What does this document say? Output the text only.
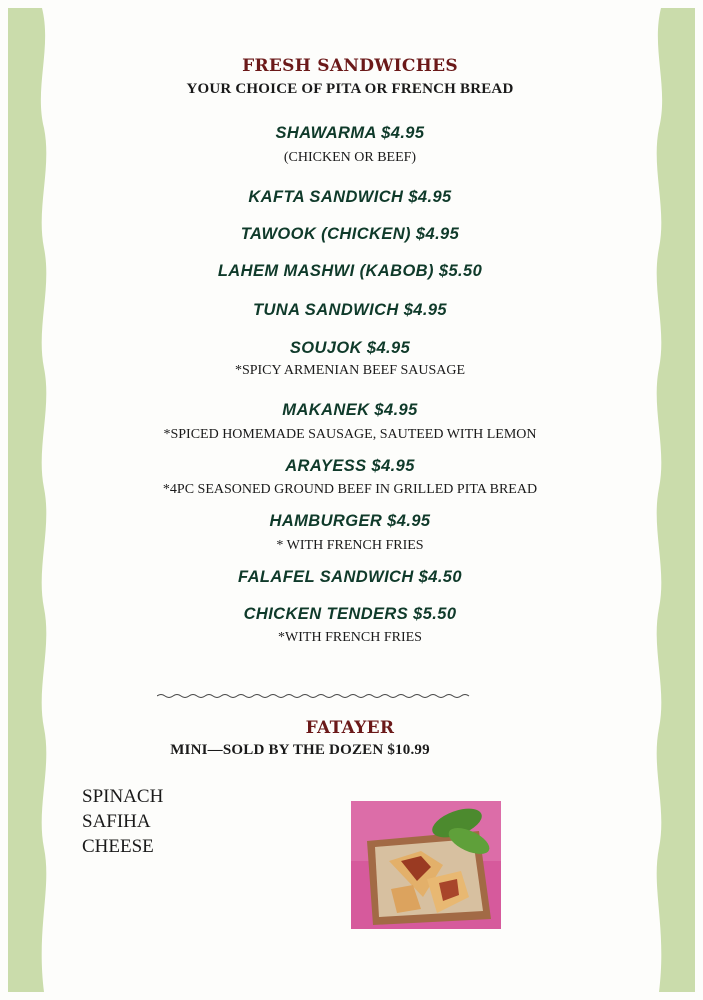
FRESH SANDWICHES
YOUR CHOICE OF PITA OR FRENCH BREAD
SHAWARMA $4.95
(CHICKEN OR BEEF)
KAFTA SANDWICH $4.95
TAWOOK (CHICKEN) $4.95
LAHEM MASHWI (KABOB) $5.50
TUNA SANDWICH $4.95
SOUJOK $4.95
*SPICY ARMENIAN BEEF SAUSAGE
MAKANEK $4.95
*SPICED HOMEMADE SAUSAGE, SAUTEED WITH LEMON
ARAYESS $4.95
*4PC SEASONED GROUND BEEF IN GRILLED PITA BREAD
HAMBURGER $4.95
* WITH FRENCH FRIES
FALAFEL SANDWICH $4.50
CHICKEN TENDERS $5.50
*WITH FRENCH FRIES
FATAYER
MINI—SOLD BY THE DOZEN $10.99
SPINACH
SAFIHA
CHEESE
